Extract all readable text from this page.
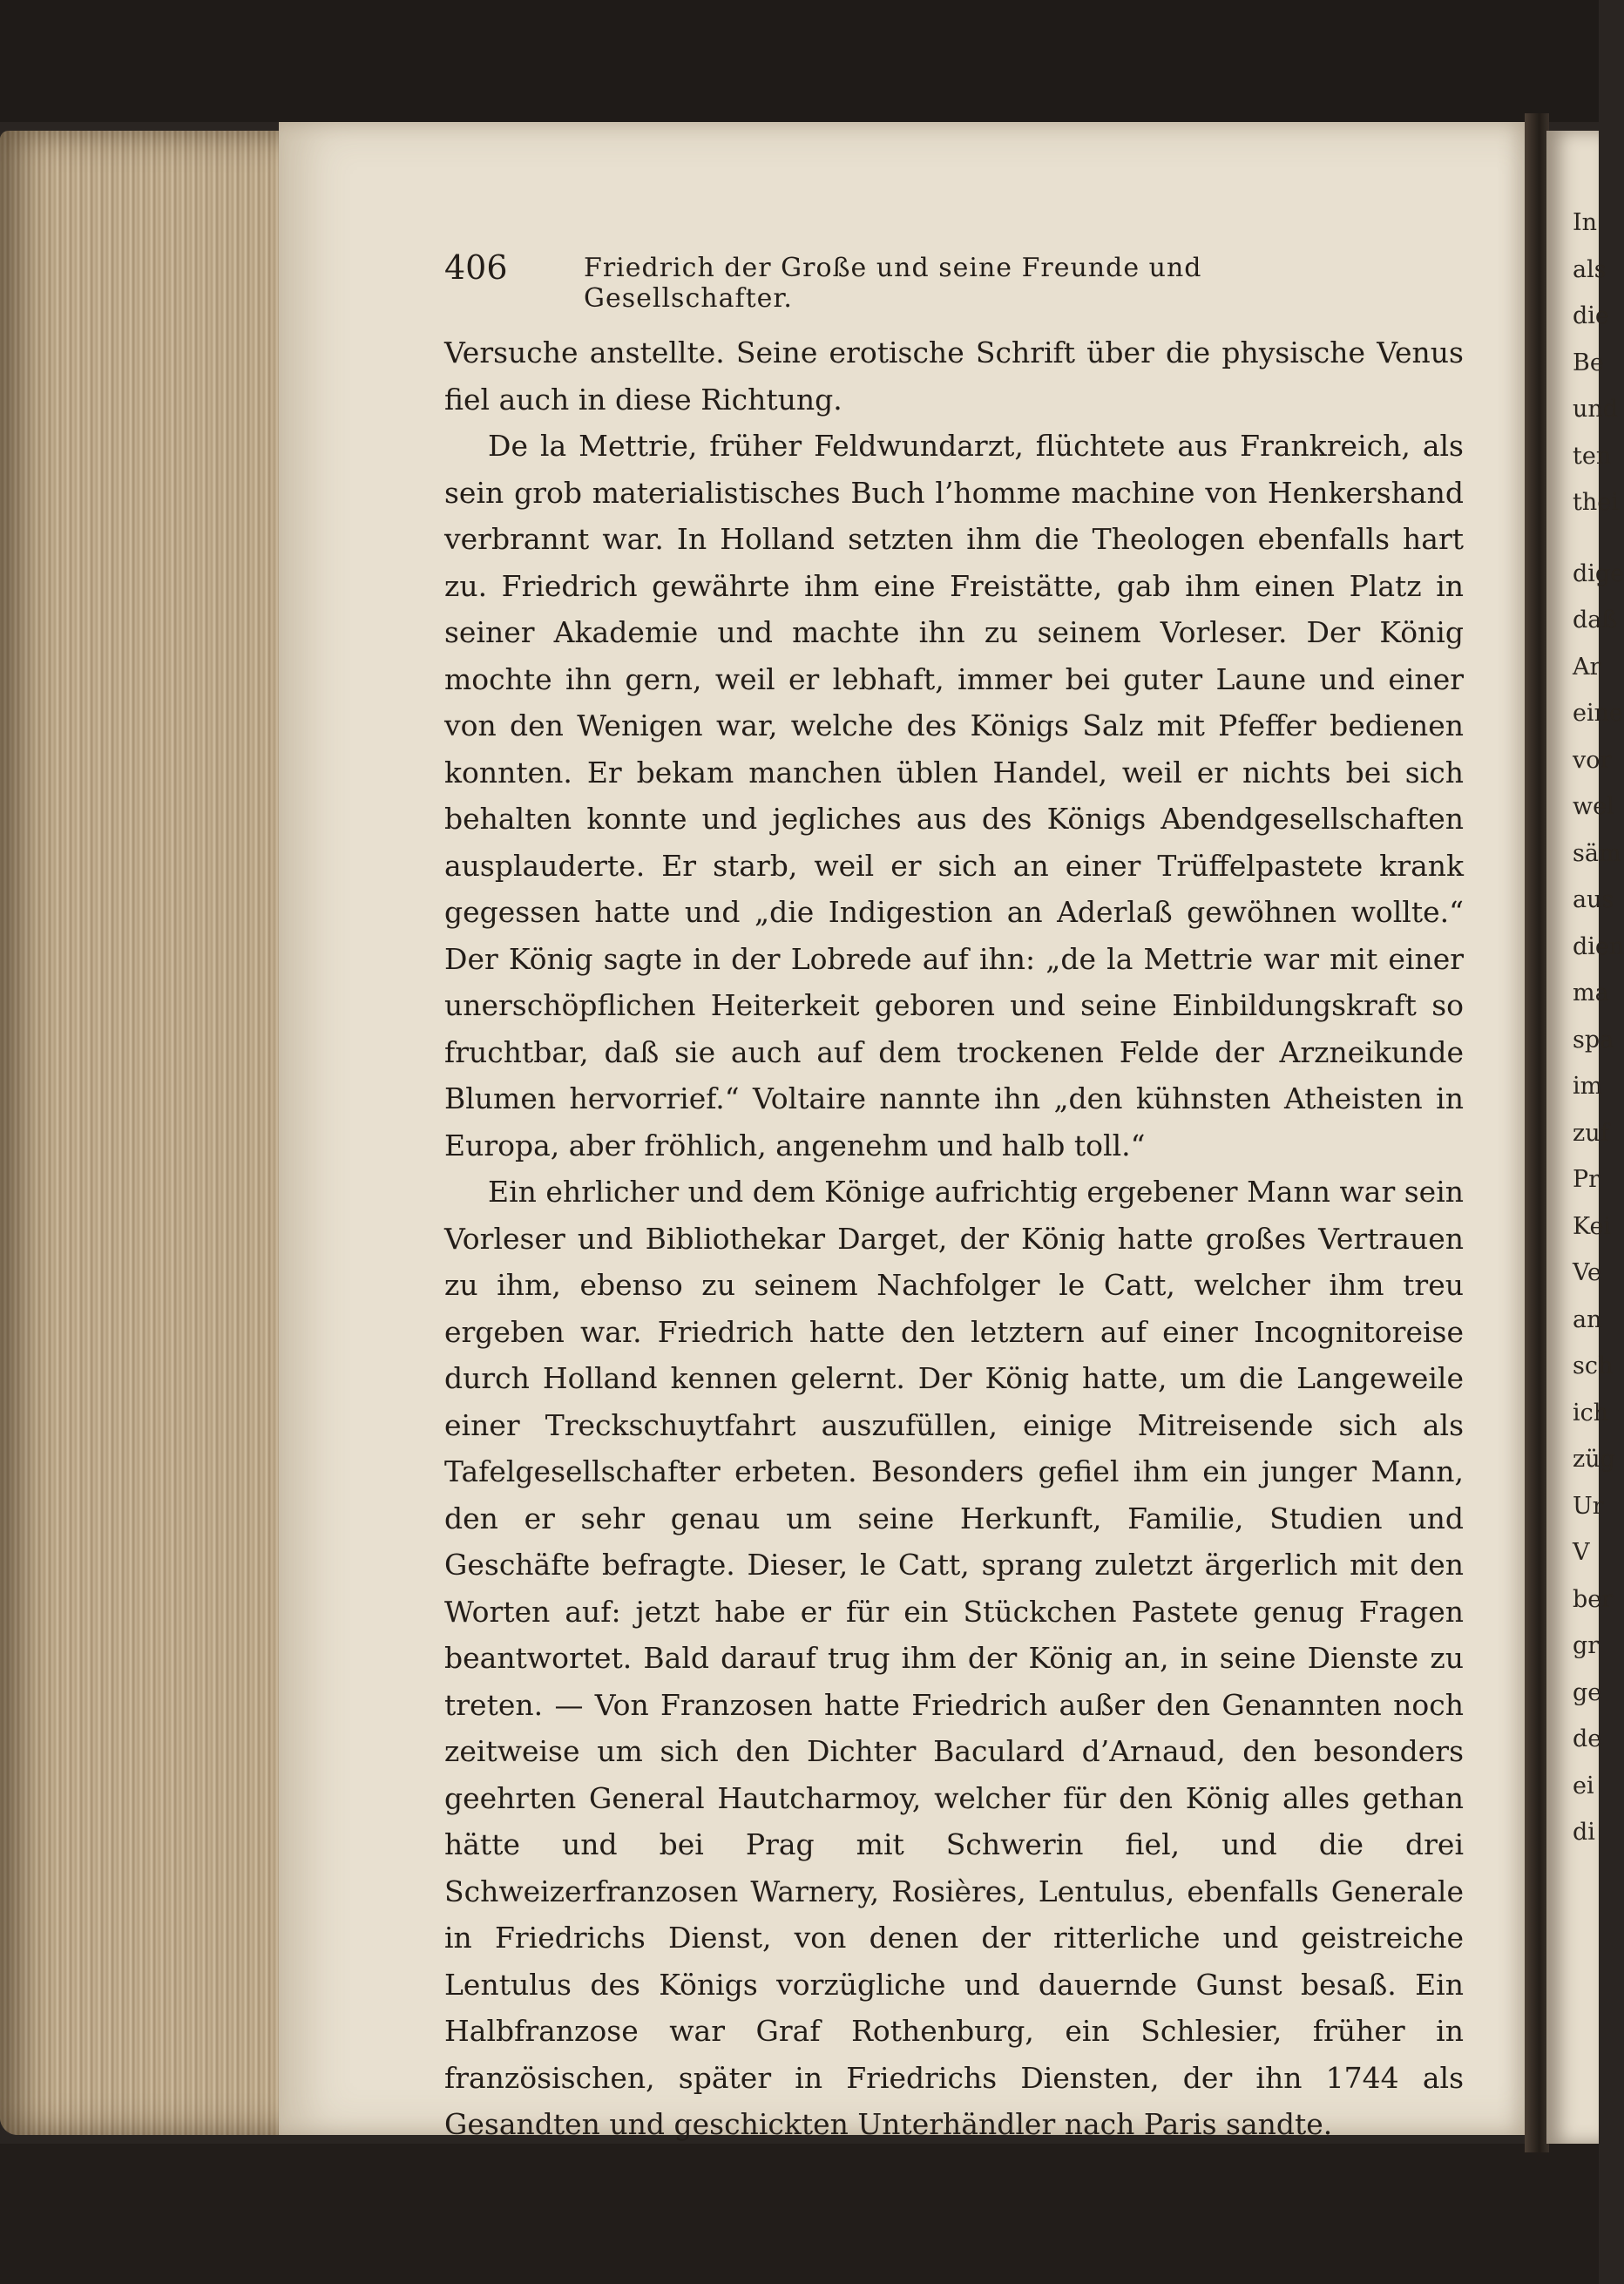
In
als
die
Be
und
ten
thei
dige
daß
Ar
eine
vor
wel
säm
aus
dien
ma
spa
im
zuf
Pr
Kei
Ve
an
sch
ich
züg
Ur
V
ber
gr
ge
de
ei
di
406	Friedrich der Große und seine Freunde und Gesellschafter.

Versuche anstellte. Seine erotische Schrift über die physische Venus fiel auch in diese Richtung.

De la Mettrie, früher Feldwundarzt, flüchtete aus Frankreich, als sein grob materialistisches Buch l’homme machine von Henkershand verbrannt war. In Holland setzten ihm die Theologen ebenfalls hart zu. Friedrich gewährte ihm eine Freistätte, gab ihm einen Platz in seiner Akademie und machte ihn zu seinem Vorleser. Der König mochte ihn gern, weil er lebhaft, immer bei guter Laune und einer von den Wenigen war, welche des Königs Salz mit Pfeffer bedienen konnten. Er bekam manchen üblen Handel, weil er nichts bei sich behalten konnte und jegliches aus des Königs Abendgesellschaften ausplauderte. Er starb, weil er sich an einer Trüffelpastete krank gegessen hatte und „die Indigestion an Aderlaß gewöhnen wollte.“ Der König sagte in der Lobrede auf ihn: „de la Mettrie war mit einer unerschöpflichen Heiterkeit geboren und seine Einbildungskraft so fruchtbar, daß sie auch auf dem trockenen Felde der Arzneikunde Blumen hervorrief.“ Voltaire nannte ihn „den kühnsten Atheisten in Europa, aber fröhlich, angenehm und halb toll.“

Ein ehrlicher und dem Könige aufrichtig ergebener Mann war sein Vorleser und Bibliothekar Darget, der König hatte großes Vertrauen zu ihm, ebenso zu seinem Nachfolger le Catt, welcher ihm treu ergeben war. Friedrich hatte den letztern auf einer Incognitoreise durch Holland kennen gelernt. Der König hatte, um die Langeweile einer Treckschuytfahrt auszufüllen, einige Mitreisende sich als Tafelgesellschafter erbeten. Besonders gefiel ihm ein junger Mann, den er sehr genau um seine Herkunft, Familie, Studien und Geschäfte befragte. Dieser, le Catt, sprang zuletzt ärgerlich mit den Worten auf: jetzt habe er für ein Stückchen Pastete genug Fragen beantwortet. Bald darauf trug ihm der König an, in seine Dienste zu treten. — Von Franzosen hatte Friedrich außer den Genannten noch zeitweise um sich den Dichter Baculard d’Arnaud, den besonders geehrten General Hautcharmoy, welcher für den König alles gethan hätte und bei Prag mit Schwerin fiel, und die drei Schweizerfranzosen Warnery, Rosières, Lentulus, ebenfalls Generale in Friedrichs Dienst, von denen der ritterliche und geistreiche Lentulus des Königs vorzügliche und dauernde Gunst besaß. Ein Halbfranzose war Graf Rothenburg, ein Schlesier, früher in französischen, später in Friedrichs Diensten, der ihn 1744 als Gesandten und geschickten Unterhändler nach Paris sandte.
